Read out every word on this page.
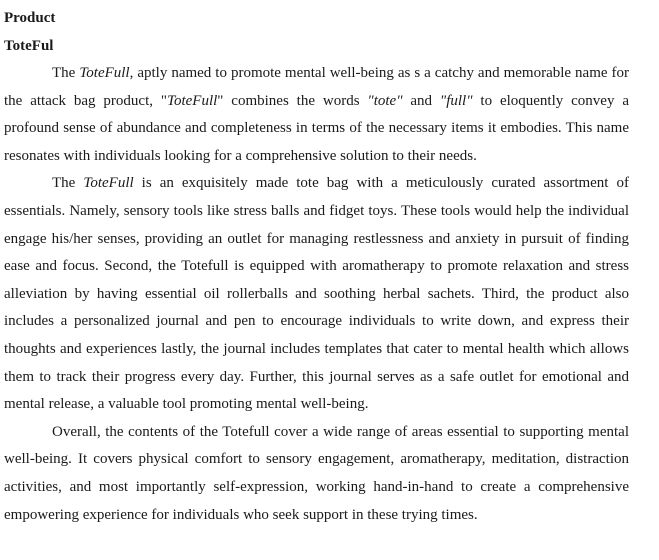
Product

ToteFul

The ToteFull, aptly named to promote mental well-being as s a catchy and memorable name for the attack bag product, "ToteFull" combines the words "tote" and "full" to eloquently convey a profound sense of abundance and completeness in terms of the necessary items it embodies. This name resonates with individuals looking for a comprehensive solution to their needs.

The ToteFull is an exquisitely made tote bag with a meticulously curated assortment of essentials. Namely, sensory tools like stress balls and fidget toys. These tools would help the individual engage his/her senses, providing an outlet for managing restlessness and anxiety in pursuit of finding ease and focus. Second, the Totefull is equipped with aromatherapy to promote relaxation and stress alleviation by having essential oil rollerballs and soothing herbal sachets. Third, the product also includes a personalized journal and pen to encourage individuals to write down, and express their thoughts and experiences lastly, the journal includes templates that cater to mental health which allows them to track their progress every day. Further, this journal serves as a safe outlet for emotional and mental release, a valuable tool promoting mental well-being.

Overall, the contents of the Totefull cover a wide range of areas essential to supporting mental well-being. It covers physical comfort to sensory engagement, aromatherapy, meditation, distraction activities, and most importantly self-expression, working hand-in-hand to create a comprehensive empowering experience for individuals who seek support in these trying times.
